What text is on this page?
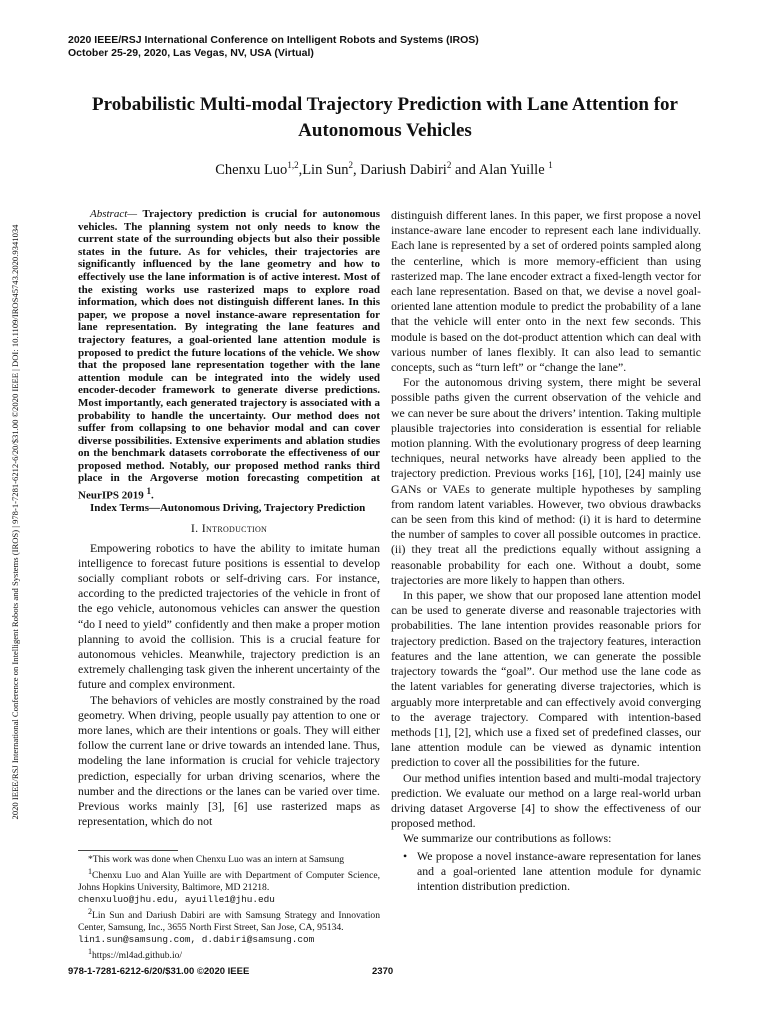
2020 IEEE/RSJ International Conference on Intelligent Robots and Systems (IROS)
October 25-29, 2020, Las Vegas, NV, USA (Virtual)
2020 IEEE/RSJ International Conference on Intelligent Robots and Systems (IROS) | 978-1-7281-6212-6/20/$31.00 ©2020 IEEE | DOI: 10.1109/IROS45743.2020.9341034
Probabilistic Multi-modal Trajectory Prediction with Lane Attention for Autonomous Vehicles
Chenxu Luo$^{1,2}$,Lin Sun$^2$, Dariush Dabiri$^2$ and Alan Yuille $^1$

Abstract— Trajectory prediction is crucial for autonomous vehicles. The planning system not only needs to know the current state of the surrounding objects but also their possible states in the future. As for vehicles, their trajectories are significantly influenced by the lane geometry and how to effectively use the lane information is of active interest. Most of the existing works use rasterized maps to explore road information, which does not distinguish different lanes. In this paper, we propose a novel instance-aware representation for lane representation. By integrating the lane features and trajectory features, a goal-oriented lane attention module is proposed to predict the future locations of the vehicle. We show that the proposed lane representation together with the lane attention module can be integrated into the widely used encoder-decoder framework to generate diverse predictions. Most importantly, each generated trajectory is associated with a probability to handle the uncertainty. Our method does not suffer from collapsing to one behavior modal and can cover diverse possibilities. Extensive experiments and ablation studies on the benchmark datasets corroborate the effectiveness of our proposed method. Notably, our proposed method ranks third place in the Argoverse motion forecasting competition at NeurIPS 2019 $^1$.

Index Terms—Autonomous Driving, Trajectory Prediction

I. Introduction

Empowering robotics to have the ability to imitate human intelligence to forecast future positions is essential to develop socially compliant robots or self-driving cars. For instance, according to the predicted trajectories of the vehicle in front of the ego vehicle, autonomous vehicles can answer the question “do I need to yield” confidently and then make a proper motion planning to avoid the collision. This is a crucial feature for autonomous vehicles. Meanwhile, trajectory prediction is an extremely challenging task given the inherent uncertainty of the future and complex environment.

The behaviors of vehicles are mostly constrained by the road geometry. When driving, people usually pay attention to one or more lanes, which are their intentions or goals. They will either follow the current lane or drive towards an intended lane. Thus, modeling the lane information is crucial for vehicle trajectory prediction, especially for urban driving scenarios, where the number and the directions or the lanes can be varied over time. Previous works mainly [3], [6] use rasterized maps as representation, which do not

*This work was done when Chenxu Luo was an intern at Samsung

$^1$Chenxu Luo and Alan Yuille are with Department of Computer Science, Johns Hopkins University, Baltimore, MD 21218.

chenxuluo@jhu.edu, ayuille1@jhu.edu

$^2$Lin Sun and Dariush Dabiri are with Samsung Strategy and Innovation Center, Samsung, Inc., 3655 North First Street, San Jose, CA, 95134.

lin1.sun@samsung.com, d.dabiri@samsung.com

$^1$https://ml4ad.github.io/

distinguish different lanes. In this paper, we first propose a novel instance-aware lane encoder to represent each lane individually. Each lane is represented by a set of ordered points sampled along the centerline, which is more memory-efficient than using rasterized map. The lane encoder extract a fixed-length vector for each lane representation. Based on that, we devise a novel goal-oriented lane attention module to predict the probability of a lane that the vehicle will enter onto in the next few seconds. This module is based on the dot-product attention which can deal with various number of lanes flexibly. It can also lead to semantic concepts, such as “turn left” or “change the lane”.

For the autonomous driving system, there might be several possible paths given the current observation of the vehicle and we can never be sure about the drivers’ intention. Taking multiple plausible trajectories into consideration is essential for reliable motion planning. With the evolutionary progress of deep learning techniques, neural networks have already been applied to the trajectory prediction. Previous works [16], [10], [24] mainly use GANs or VAEs to generate multiple hypotheses by sampling from random latent variables. However, two obvious drawbacks can be seen from this kind of method: (i) it is hard to determine the number of samples to cover all possible outcomes in practice. (ii) they treat all the predictions equally without assigning a reasonable probability for each one. Without a doubt, some trajectories are more likely to happen than others.

In this paper, we show that our proposed lane attention model can be used to generate diverse and reasonable trajectories with probabilities. The lane intention provides reasonable priors for trajectory prediction. Based on the trajectory features, interaction features and the lane attention, we can generate the possible trajectory towards the “goal”. Our method use the lane code as the latent variables for generating diverse trajectories, which is arguably more interpretable and can effectively avoid converging to the average trajectory. Compared with intention-based methods [1], [2], which use a fixed set of predefined classes, our lane attention module can be viewed as dynamic intention prediction to cover all the possibilities for the future.

Our method unifies intention based and multi-modal trajectory prediction. We evaluate our method on a large real-world urban driving dataset Argoverse [4] to show the effectiveness of our proposed method.

We summarize our contributions as follows:

• We propose a novel instance-aware representation for lanes and a goal-oriented lane attention module for dynamic intention distribution prediction.
978-1-7281-6212-6/20/$31.00 ©2020 IEEE	2370
